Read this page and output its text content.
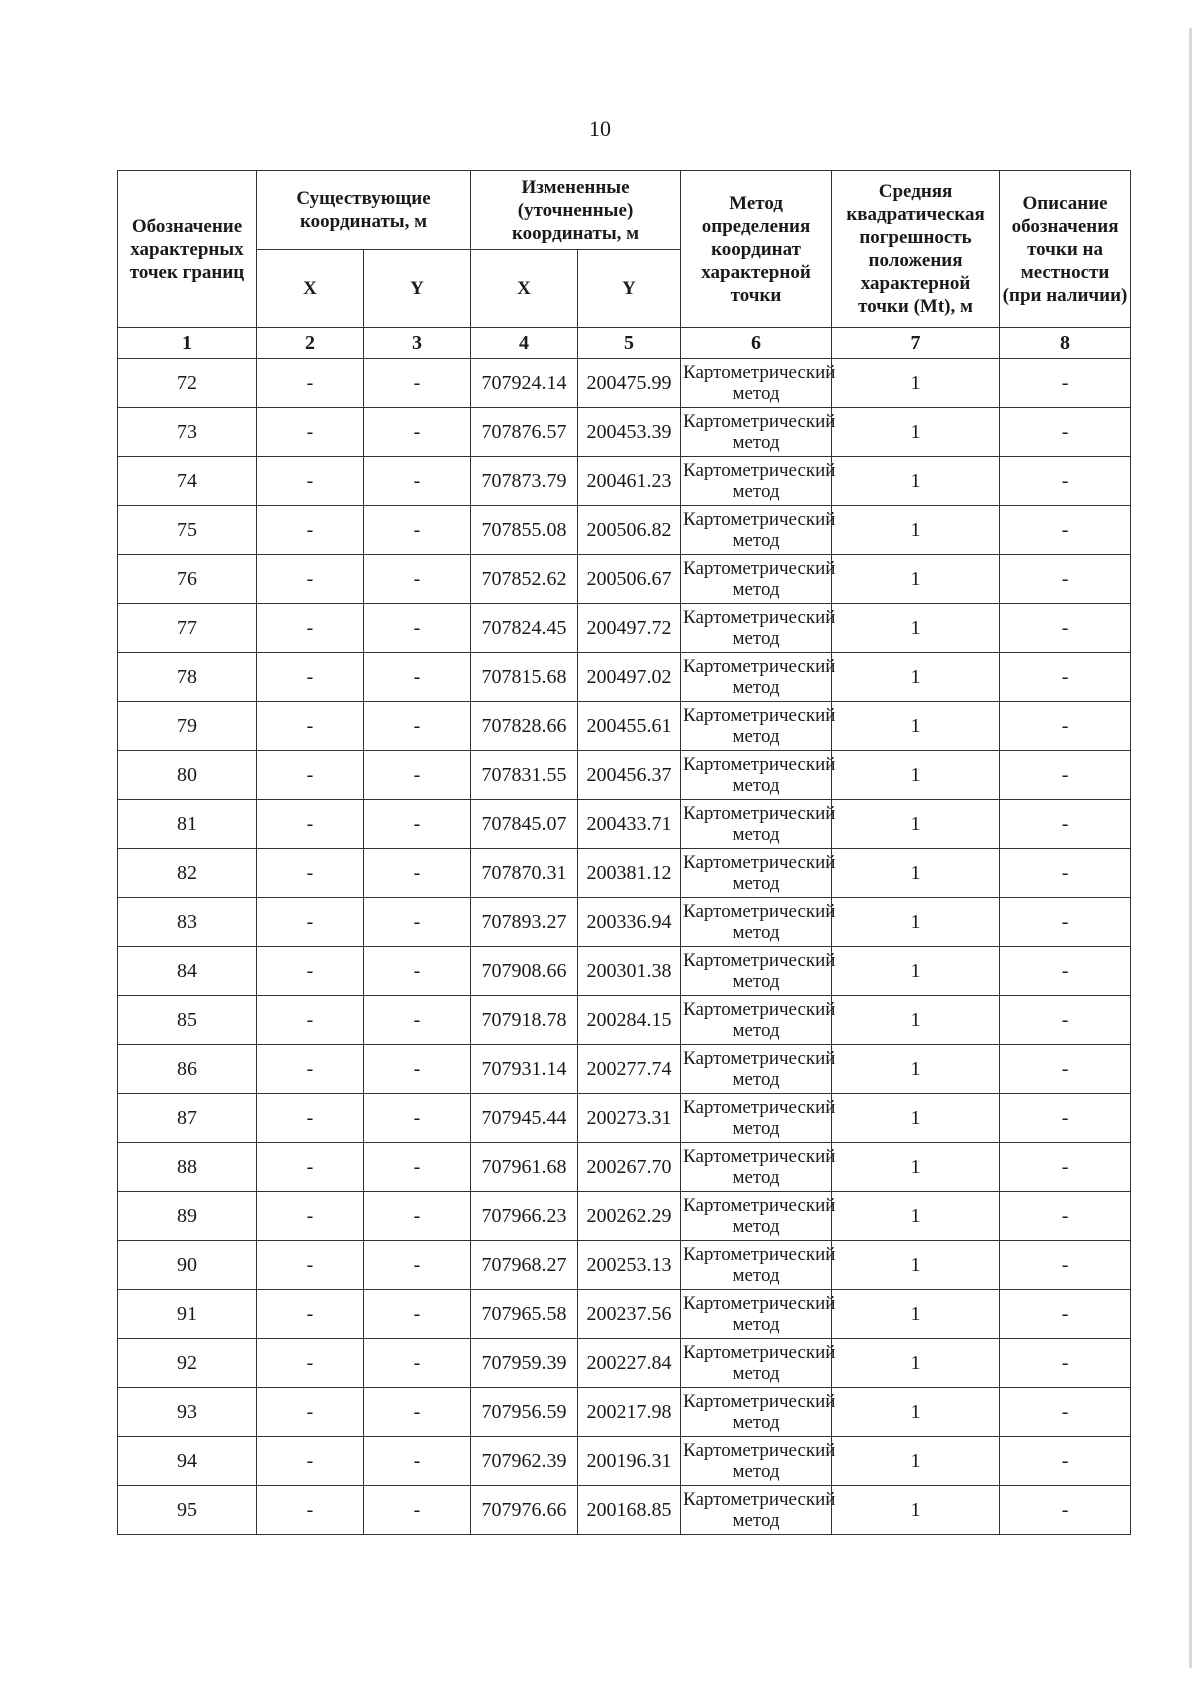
10
Обозначение характерных точек границ	Существующие координаты, м		Измененные (уточненные) координаты, м		Метод определения координат характерной точки	Средняя квадратическая погрешность положения характерной точки (Mt), м	Описание обозначения точки на местности (при наличии)
	X	Y	X	Y			
1	2	3	4	5	6	7	8
72	-	-	707924.14	200475.99	Картометрический метод	1	-
73	-	-	707876.57	200453.39	Картометрический метод	1	-
74	-	-	707873.79	200461.23	Картометрический метод	1	-
75	-	-	707855.08	200506.82	Картометрический метод	1	-
76	-	-	707852.62	200506.67	Картометрический метод	1	-
77	-	-	707824.45	200497.72	Картометрический метод	1	-
78	-	-	707815.68	200497.02	Картометрический метод	1	-
79	-	-	707828.66	200455.61	Картометрический метод	1	-
80	-	-	707831.55	200456.37	Картометрический метод	1	-
81	-	-	707845.07	200433.71	Картометрический метод	1	-
82	-	-	707870.31	200381.12	Картометрический метод	1	-
83	-	-	707893.27	200336.94	Картометрический метод	1	-
84	-	-	707908.66	200301.38	Картометрический метод	1	-
85	-	-	707918.78	200284.15	Картометрический метод	1	-
86	-	-	707931.14	200277.74	Картометрический метод	1	-
87	-	-	707945.44	200273.31	Картометрический метод	1	-
88	-	-	707961.68	200267.70	Картометрический метод	1	-
89	-	-	707966.23	200262.29	Картометрический метод	1	-
90	-	-	707968.27	200253.13	Картометрический метод	1	-
91	-	-	707965.58	200237.56	Картометрический метод	1	-
92	-	-	707959.39	200227.84	Картометрический метод	1	-
93	-	-	707956.59	200217.98	Картометрический метод	1	-
94	-	-	707962.39	200196.31	Картометрический метод	1	-
95	-	-	707976.66	200168.85	Картометрический метод	1	-
